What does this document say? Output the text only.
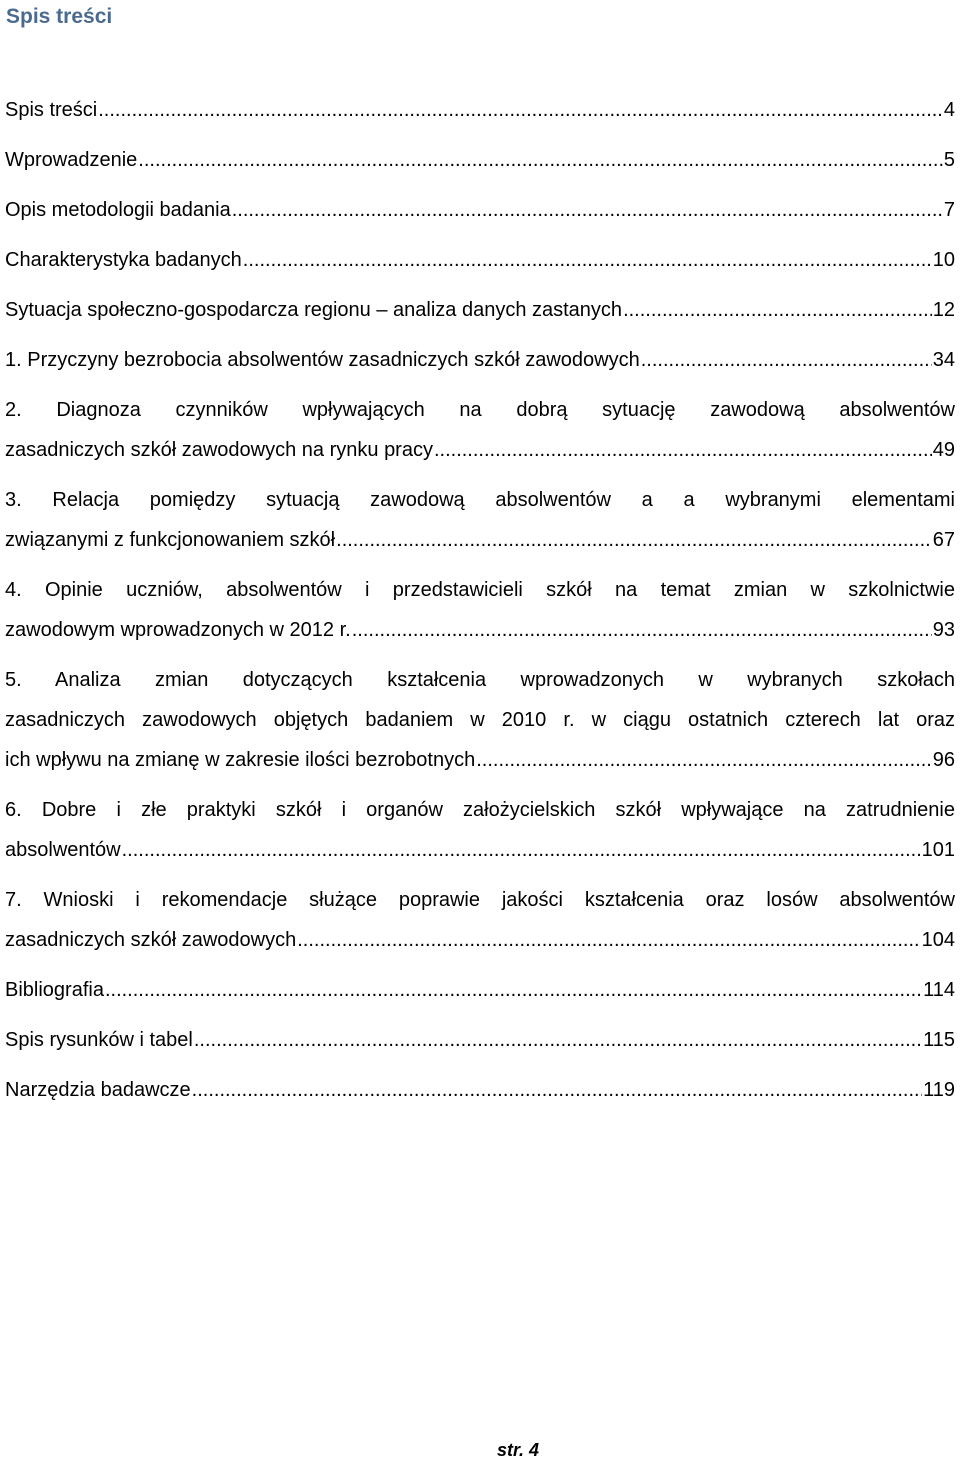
Spis treści
Spis treści .....	4
Wprowadzenie .....	5
Opis metodologii badania .....	7
Charakterystyka badanych .....	10
Sytuacja społeczno-gospodarcza regionu – analiza danych zastanych .....	12
1. Przyczyny bezrobocia absolwentów zasadniczych szkół zawodowych .....	34
2. Diagnoza czynników wpływających na dobrą sytuację zawodową absolwentów
zasadniczych szkół zawodowych na rynku pracy .....	49
3. Relacja pomiędzy sytuacją zawodową absolwentów a a wybranymi elementami
związanymi z funkcjonowaniem szkół .....	67
4. Opinie uczniów, absolwentów i przedstawicieli szkół na temat zmian w szkolnictwie
zawodowym wprowadzonych w 2012 r. .....	93
5. Analiza zmian dotyczących kształcenia wprowadzonych w wybranych szkołach
zasadniczych zawodowych objętych badaniem w 2010 r. w ciągu ostatnich czterech lat oraz
ich wpływu na zmianę w zakresie ilości bezrobotnych .....	96
6. Dobre i złe praktyki szkół i organów założycielskich szkół wpływające na zatrudnienie
absolwentów .....	101
7. Wnioski i rekomendacje służące poprawie jakości kształcenia oraz losów absolwentów
zasadniczych szkół zawodowych .....	104
Bibliografia .....	114
Spis rysunków i tabel .....	115
Narzędzia badawcze .....	119
str. 4
